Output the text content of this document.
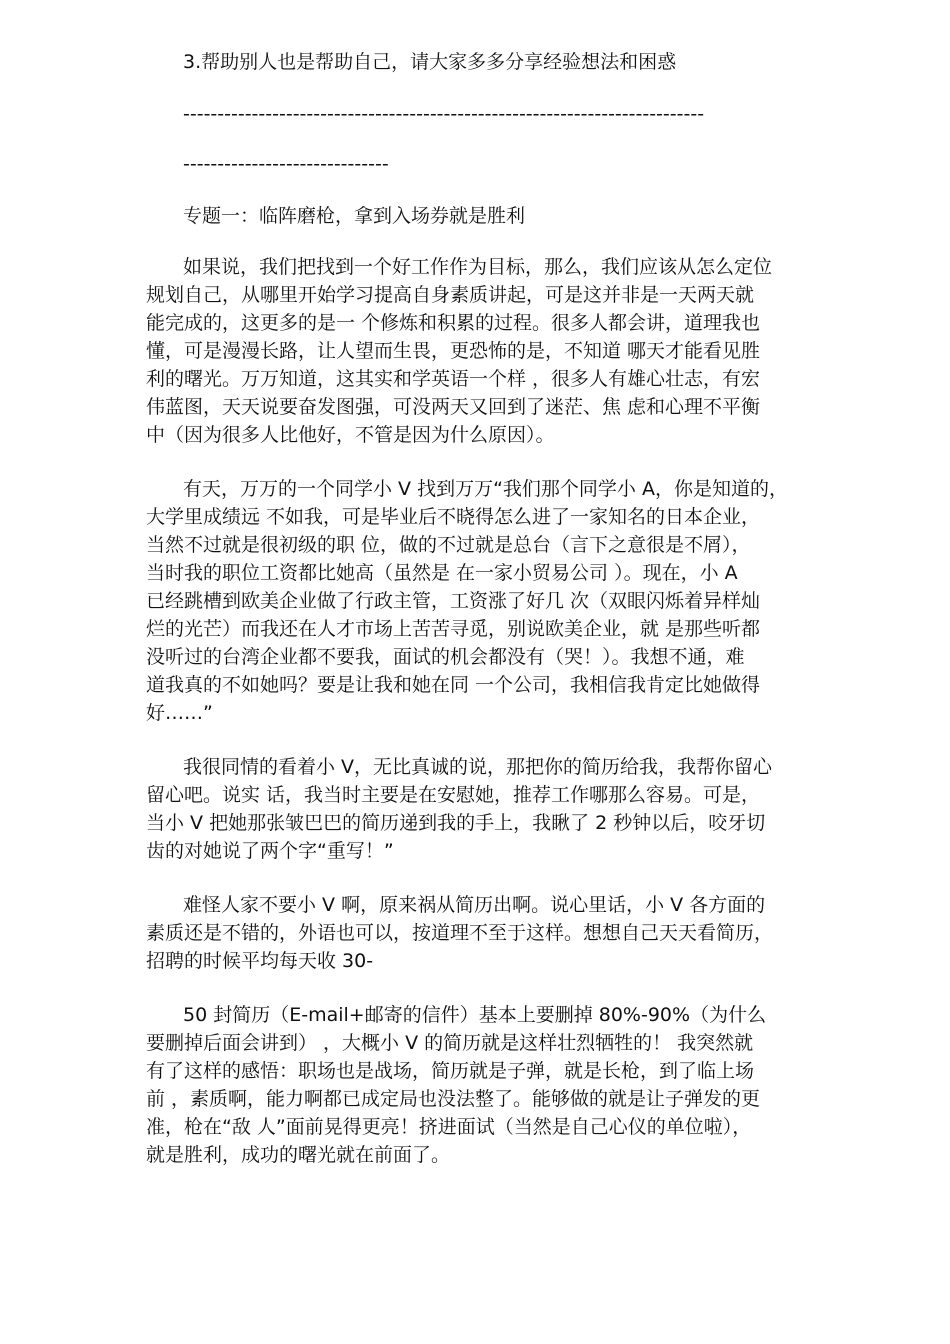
3.帮助别人也是帮助自己，请大家多多分享经验想法和困惑
----------------------------------------------------------------------------
------------------------------
专题一：临阵磨枪，拿到入场券就是胜利
如果说，我们把找到一个好工作作为目标，那么，我们应该从怎么定位
规划自己，从哪里开始学习提高自身素质讲起，可是这并非是一天两天就
能完成的，这更多的是一 个修炼和积累的过程。很多人都会讲，道理我也
懂，可是漫漫长路，让人望而生畏，更恐怖的是，不知道 哪天才能看见胜
利的曙光。万万知道，这其实和学英语一个样 ，很多人有雄心壮志，有宏
伟蓝图，天天说要奋发图强，可没两天又回到了迷茫、焦 虑和心理不平衡
中（因为很多人比他好，不管是因为什么原因）。
有天，万万的一个同学小 V 找到万万“我们那个同学小 A，你是知道的，
大学里成绩远 不如我，可是毕业后不晓得怎么进了一家知名的日本企业，
当然不过就是很初级的职 位，做的不过就是总台（言下之意很是不屑），
当时我的职位工资都比她高（虽然是 在一家小贸易公司 ）。现在，小 A
已经跳槽到欧美企业做了行政主管，工资涨了好几 次（双眼闪烁着异样灿
烂的光芒）而我还在人才市场上苦苦寻觅，别说欧美企业，就 是那些听都
没听过的台湾企业都不要我，面试的机会都没有（哭！）。我想不通，难
道我真的不如她吗？要是让我和她在同 一个公司，我相信我肯定比她做得
好……”
我很同情的看着小 V，无比真诚的说，那把你的简历给我，我帮你留心
留心吧。说实 话，我当时主要是在安慰她，推荐工作哪那么容易。可是，
当小 V 把她那张皱巴巴的简历递到我的手上，我瞅了 2 秒钟以后，咬牙切
齿的对她说了两个字“重写！”
难怪人家不要小 V 啊，原来祸从简历出啊。说心里话，小 V 各方面的
素质还是不错的，外语也可以，按道理不至于这样。想想自己天天看简历，
招聘的时候平均每天收 30-
50 封简历（E-mail+邮寄的信件）基本上要删掉 80%-90%（为什么
要删掉后面会讲到） ，大概小 V 的简历就是这样壮烈牺牲的！ 我突然就
有了这样的感悟：职场也是战场，简历就是子弹，就是长枪，到了临上场
前 ，素质啊，能力啊都已成定局也没法整了。能够做的就是让子弹发的更
准，枪在“敌 人”面前晃得更亮！挤进面试（当然是自己心仪的单位啦），
就是胜利，成功的曙光就在前面了。
